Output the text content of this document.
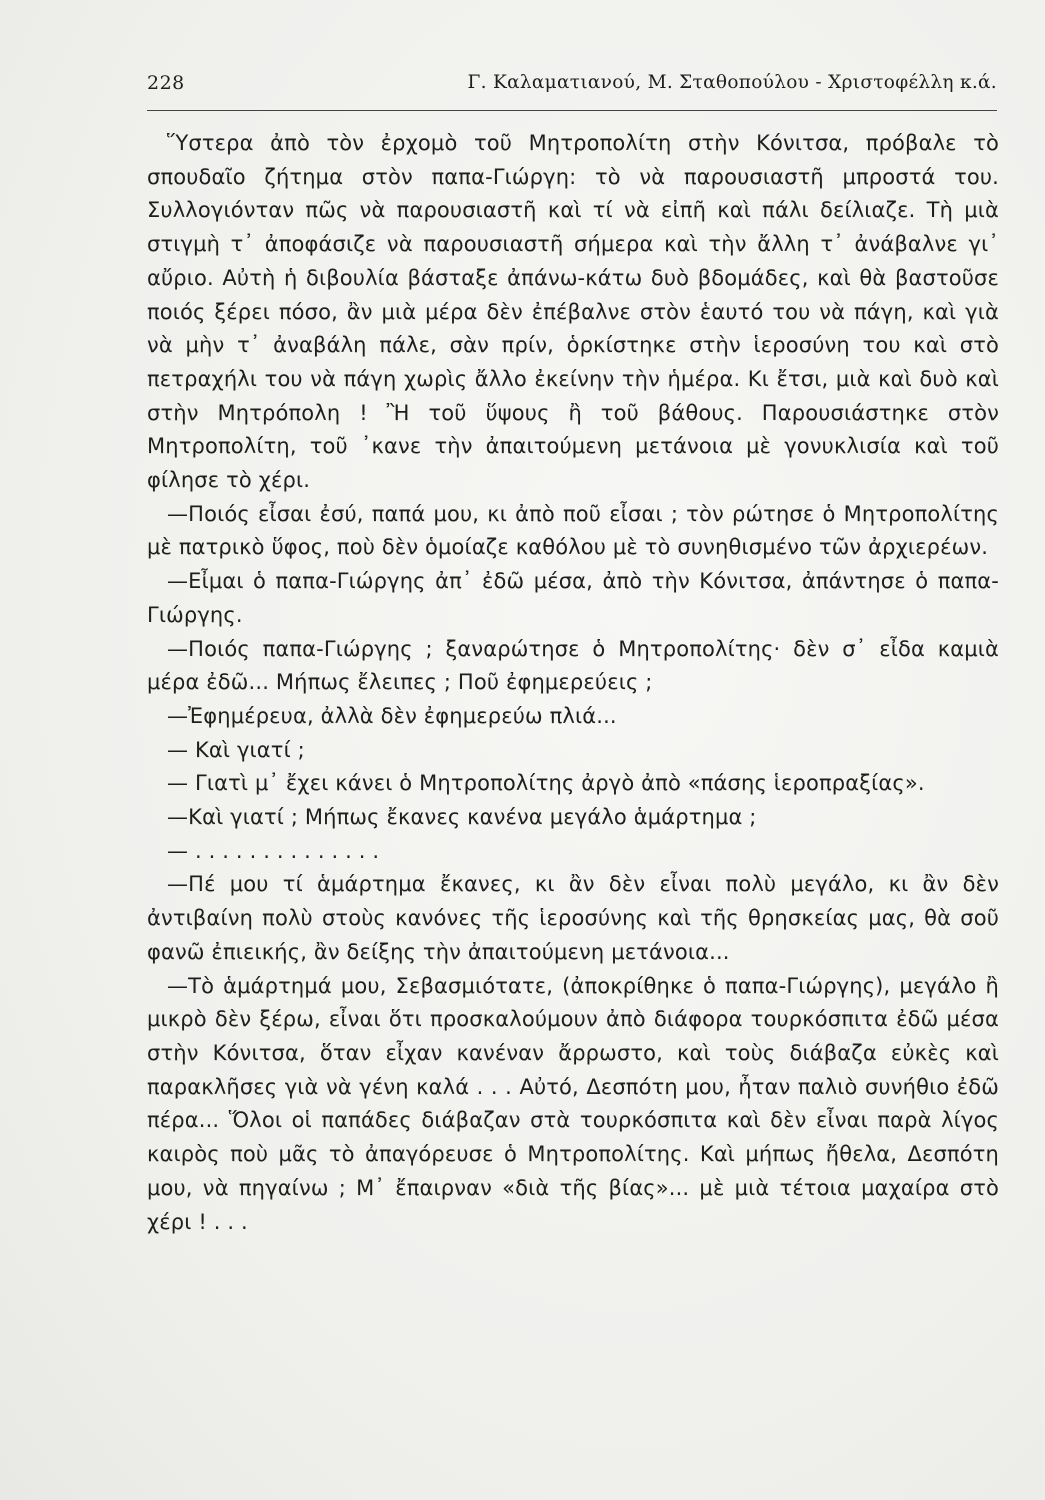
228	Γ. Καλαματιανού, Μ. Σταθοπούλου - Χριστοφέλλη κ.ά.

Ὕστερα ἀπὸ τὸν ἐρχομὸ τοῦ Μητροπολίτη στὴν Κόνιτσα, πρόβαλε τὸ σπουδαῖο ζήτημα στὸν παπα-Γιώργη: τὸ νὰ παρουσιαστῆ μπροστά του. Συλλογιόνταν πῶς νὰ παρουσιαστῆ καὶ τί νὰ εἰπῆ καὶ πάλι δείλιαζε. Τὴ μιὰ στιγμὴ τ᾽ ἀποφάσιζε νὰ παρουσιαστῆ σήμερα καὶ τὴν ἄλλη τ᾽ ἀνάβαλνε γι᾽ αὔριο. Αὐτὴ ἡ διβουλία βάσταξε ἀπάνω-κάτω δυὸ βδομάδες, καὶ θὰ βαστοῦσε ποιός ξέρει πόσο, ἂν μιὰ μέρα δὲν ἐπέβαλνε στὸν ἑαυτό του νὰ πάγη, καὶ γιὰ νὰ μὴν τ᾽ ἀναβάλη πάλε, σὰν πρίν, ὁρκίστηκε στὴν ἱεροσύνη του καὶ στὸ πετραχήλι του νὰ πάγη χωρὶς ἄλλο ἐκείνην τὴν ἡμέρα. Κι ἔτσι, μιὰ καὶ δυὸ καὶ στὴν Μητρόπολη ! Ἢ τοῦ ὕψους ἢ τοῦ βάθους. Παρουσιάστηκε στὸν Μητροπολίτη, τοῦ ᾽κανε τὴν ἀπαιτούμενη μετάνοια μὲ γονυκλισία καὶ τοῦ φίλησε τὸ χέρι.

—Ποιός εἶσαι ἐσύ, παπά μου, κι ἀπὸ ποῦ εἶσαι ; τὸν ρώτησε ὁ Μητροπολίτης μὲ πατρικὸ ὕφος, ποὺ δὲν ὁμοίαζε καθόλου μὲ τὸ συνηθισμένο τῶν ἀρχιερέων.

—Εἶμαι ὁ παπα-Γιώργης ἀπ᾽ ἐδῶ μέσα, ἀπὸ τὴν Κόνιτσα, ἀπάντησε ὁ παπα-Γιώργης.

—Ποιός παπα-Γιώργης ; ξαναρώτησε ὁ Μητροπολίτης· δὲν σ᾽ εἶδα καμιὰ μέρα ἐδῶ... Μήπως ἔλειπες ; Ποῦ ἐφημερεύεις ;

—Ἐφημέρευα, ἀλλὰ δὲν ἐφημερεύω πλιά...

— Καὶ γιατί ;

— Γιατὶ μ᾽ ἔχει κάνει ὁ Μητροπολίτης ἀργὸ ἀπὸ «πάσης ἱεροπραξίας».

—Καὶ γιατί ; Μήπως ἔκανες κανένα μεγάλο ἁμάρτημα ;

— . . . . . . . . . . . . . .

—Πέ μου τί ἁμάρτημα ἔκανες, κι ἂν δὲν εἶναι πολὺ μεγάλο, κι ἂν δὲν ἀντιβαίνη πολὺ στοὺς κανόνες τῆς ἱεροσύνης καὶ τῆς θρησκείας μας, θὰ σοῦ φανῶ ἐπιεικής, ἂν δείξης τὴν ἀπαιτούμενη μετάνοια...

—Τὸ ἁμάρτημά μου, Σεβασμιότατε, (ἀποκρίθηκε ὁ παπα-Γιώργης), μεγάλο ἢ μικρὸ δὲν ξέρω, εἶναι ὅτι προσκαλούμουν ἀπὸ διάφορα τουρκόσπιτα ἐδῶ μέσα στὴν Κόνιτσα, ὅταν εἶχαν κανέναν ἄρρωστο, καὶ τοὺς διάβαζα εὐκὲς καὶ παρακλῆσες γιὰ νὰ γένη καλά . . . Αὐτό, Δεσπότη μου, ἦταν παλιὸ συνήθιο ἐδῶ πέρα... Ὅλοι οἱ παπάδες διάβαζαν στὰ τουρκόσπιτα καὶ δὲν εἶναι παρὰ λίγος καιρὸς ποὺ μᾶς τὸ ἀπαγόρευσε ὁ Μητροπολίτης. Καὶ μήπως ἤθελα, Δεσπότη μου, νὰ πηγαίνω ; Μ᾽ ἔπαιρναν «διὰ τῆς βίας»... μὲ μιὰ τέτοια μαχαίρα στὸ χέρι ! . . .
